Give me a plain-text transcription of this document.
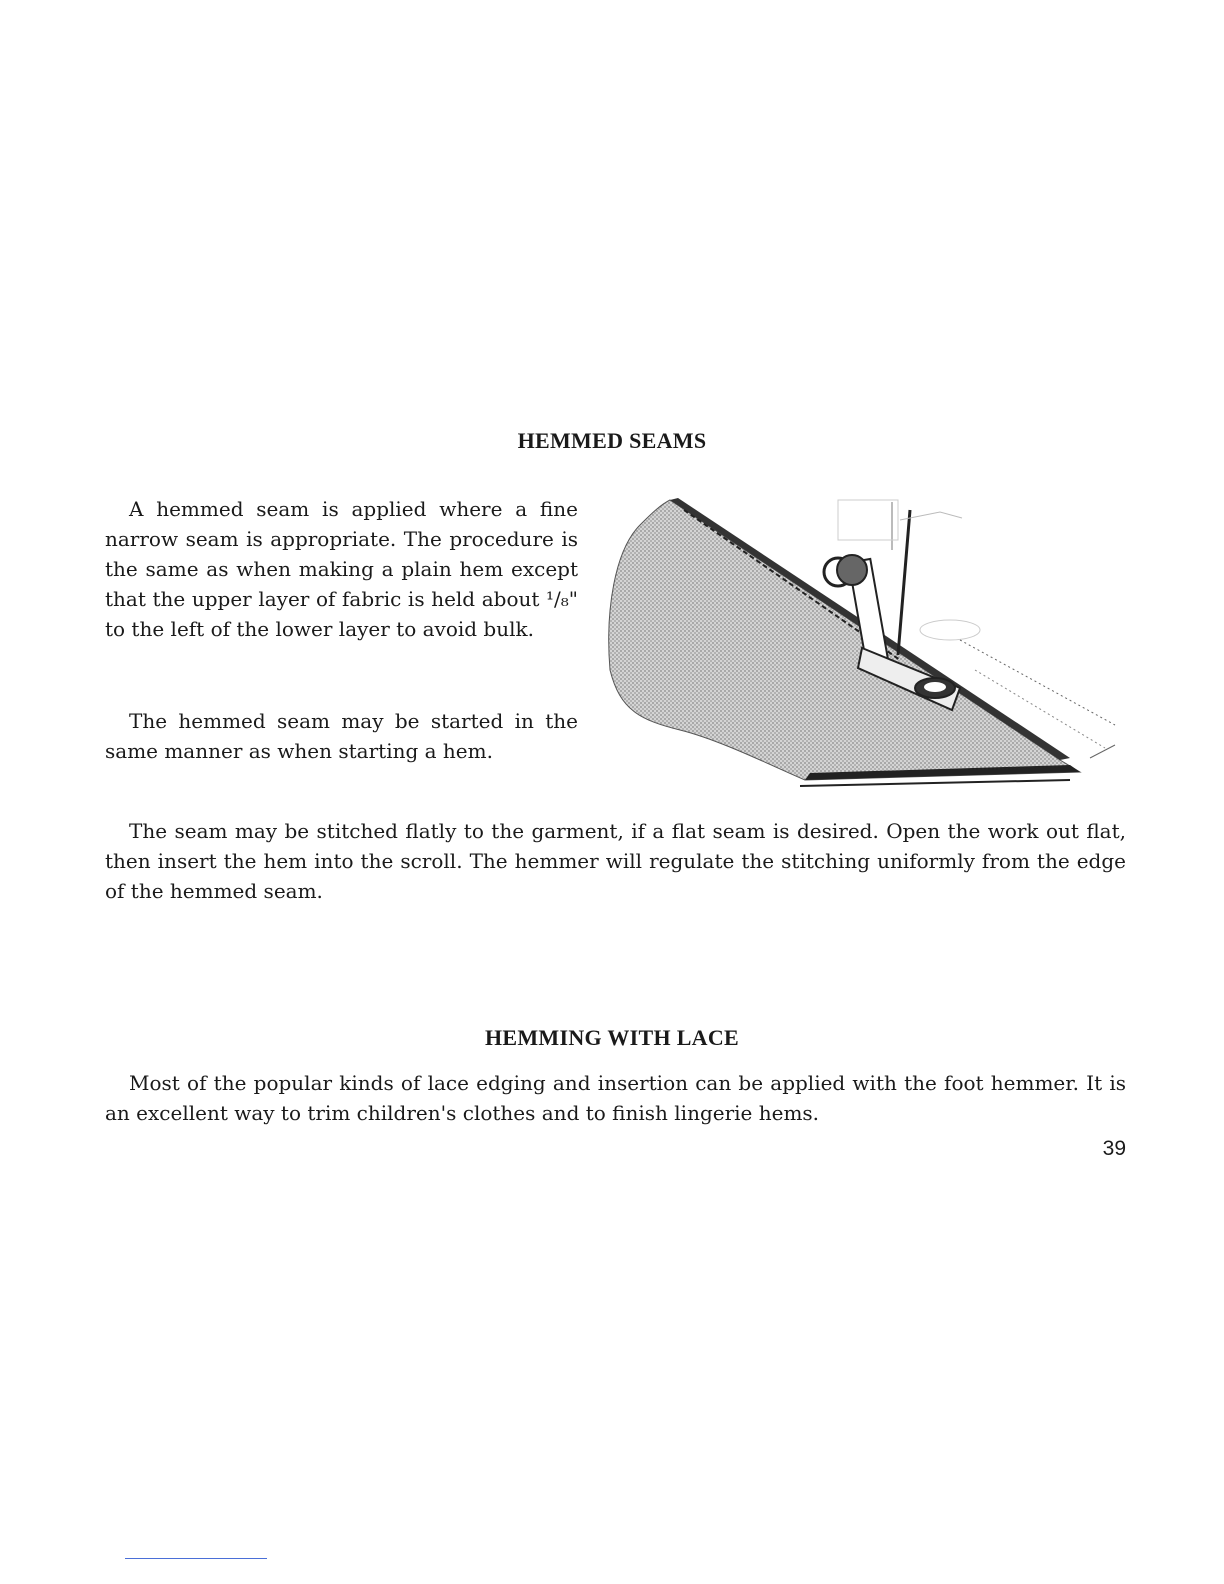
HEMMED SEAMS

A hemmed seam is applied where a fine narrow seam is appropriate. The procedure is the same as when making a plain hem except that the upper layer of fabric is held about ¹/₈" to the left of the lower layer to avoid bulk.

The hemmed seam may be started in the same manner as when starting a hem.

The seam may be stitched flatly to the garment, if a flat seam is desired. Open the work out flat, then insert the hem into the scroll. The hemmer will regulate the stitching uniformly from the edge of the hemmed seam.

HEMMING WITH LACE

Most of the popular kinds of lace edging and insertion can be applied with the foot hemmer. It is an excellent way to trim children's clothes and to finish lingerie hems.

39
